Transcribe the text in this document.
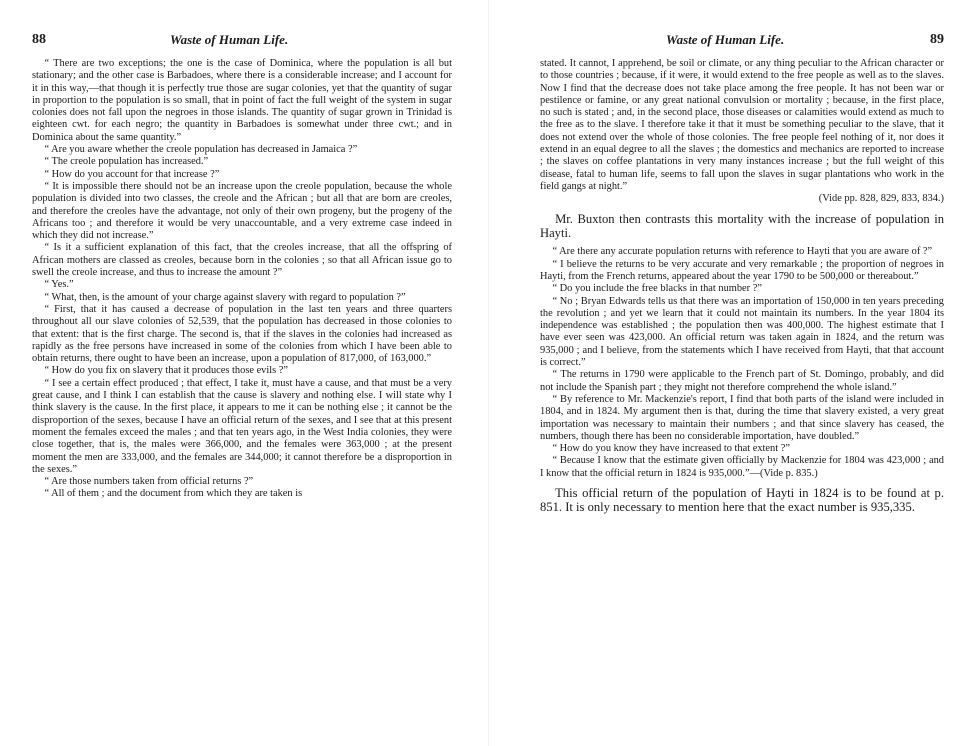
88	Waste of Human Life.

“ There are two exceptions; the one is the case of Dominica, where the population is all but stationary; and the other case is Barbadoes, where there is a considerable increase; and I account for it in this way,—that though it is perfectly true those are sugar colonies, yet that the quantity of sugar in proportion to the population is so small, that in point of fact the full weight of the system in sugar colonies does not fall upon the negroes in those islands. The quantity of sugar grown in Trinidad is eighteen cwt. for each negro; the quantity in Barbadoes is somewhat under three cwt.; and in Dominica about the same quantity.”

“ Are you aware whether the creole population has decreased in Jamaica ?”

“ The creole population has increased.”

“ How do you account for that increase ?”

“ It is impossible there should not be an increase upon the creole population, because the whole population is divided into two classes, the creole and the African ; but all that are born are creoles, and therefore the creoles have the advantage, not only of their own progeny, but the progeny of the Africans too ; and therefore it would be very unaccountable, and a very extreme case indeed in which they did not increase.”

“ Is it a sufficient explanation of this fact, that the creoles increase, that all the offspring of African mothers are classed as creoles, because born in the colonies ; so that all African issue go to swell the creole increase, and thus to increase the amount ?”

“ Yes.”

“ What, then, is the amount of your charge against slavery with regard to population ?”

“ First, that it has caused a decrease of population in the last ten years and three quarters throughout all our slave colonies of 52,539, that the population has decreased in those colonies to that extent: that is the first charge. The second is, that if the slaves in the colonies had increased as rapidly as the free persons have increased in some of the colonies from which I have been able to obtain returns, there ought to have been an increase, upon a population of 817,000, of 163,000.”

“ How do you fix on slavery that it produces those evils ?”

“ I see a certain effect produced ; that effect, I take it, must have a cause, and that must be a very great cause, and I think I can establish that the cause is slavery and nothing else. I will state why I think slavery is the cause. In the first place, it appears to me it can be nothing else ; it cannot be the disproportion of the sexes, because I have an official return of the sexes, and I see that at this present moment the females exceed the males ; and that ten years ago, in the West India colonies, they were close together, that is, the males were 366,000, and the females were 363,000 ; at the present moment the men are 333,000, and the females are 344,000; it cannot therefore be a disproportion in the sexes.”

“ Are those numbers taken from official returns ?”

“ All of them ; and the document from which they are taken is

Waste of Human Life.	89

stated. It cannot, I apprehend, be soil or climate, or any thing peculiar to the African character or to those countries ; because, if it were, it would extend to the free people as well as to the slaves. Now I find that the decrease does not take place among the free people. It has not been war or pestilence or famine, or any great national convulsion or mortality ; because, in the first place, no such is stated ; and, in the second place, those diseases or calamities would extend as much to the free as to the slave. I therefore take it that it must be something peculiar to the slave, that it does not extend over the whole of those colonies. The free people feel nothing of it, nor does it extend in an equal degree to all the slaves ; the domestics and mechanics are reported to increase ; the slaves on coffee plantations in very many instances increase ; but the full weight of this disease, fatal to human life, seems to fall upon the slaves in sugar plantations who work in the field gangs at night.”

(Vide pp. 828, 829, 833, 834.)

Mr. Buxton then contrasts this mortality with the increase of population in Hayti.

“ Are there any accurate population returns with reference to Hayti that you are aware of ?”

“ I believe the returns to be very accurate and very remarkable ; the proportion of negroes in Hayti, from the French returns, appeared about the year 1790 to be 500,000 or thereabout.”

“ Do you include the free blacks in that number ?”

“ No ; Bryan Edwards tells us that there was an importation of 150,000 in ten years preceding the revolution ; and yet we learn that it could not maintain its numbers. In the year 1804 its independence was established ; the population then was 400,000. The highest estimate that I have ever seen was 423,000. An official return was taken again in 1824, and the return was 935,000 ; and I believe, from the statements which I have received from Hayti, that that account is correct.”

“ The returns in 1790 were applicable to the French part of St. Domingo, probably, and did not include the Spanish part ; they might not therefore comprehend the whole island.”

“ By reference to Mr. Mackenzie's report, I find that both parts of the island were included in 1804, and in 1824. My argument then is that, during the time that slavery existed, a very great importation was necessary to maintain their numbers ; and that since slavery has ceased, the numbers, though there has been no considerable importation, have doubled.”

“ How do you know they have increased to that extent ?”

“ Because I know that the estimate given officially by Mackenzie for 1804 was 423,000 ; and I know that the official return in 1824 is 935,000.”—(Vide p. 835.)

This official return of the population of Hayti in 1824 is to be found at p. 851. It is only necessary to mention here that the exact number is 935,335.
